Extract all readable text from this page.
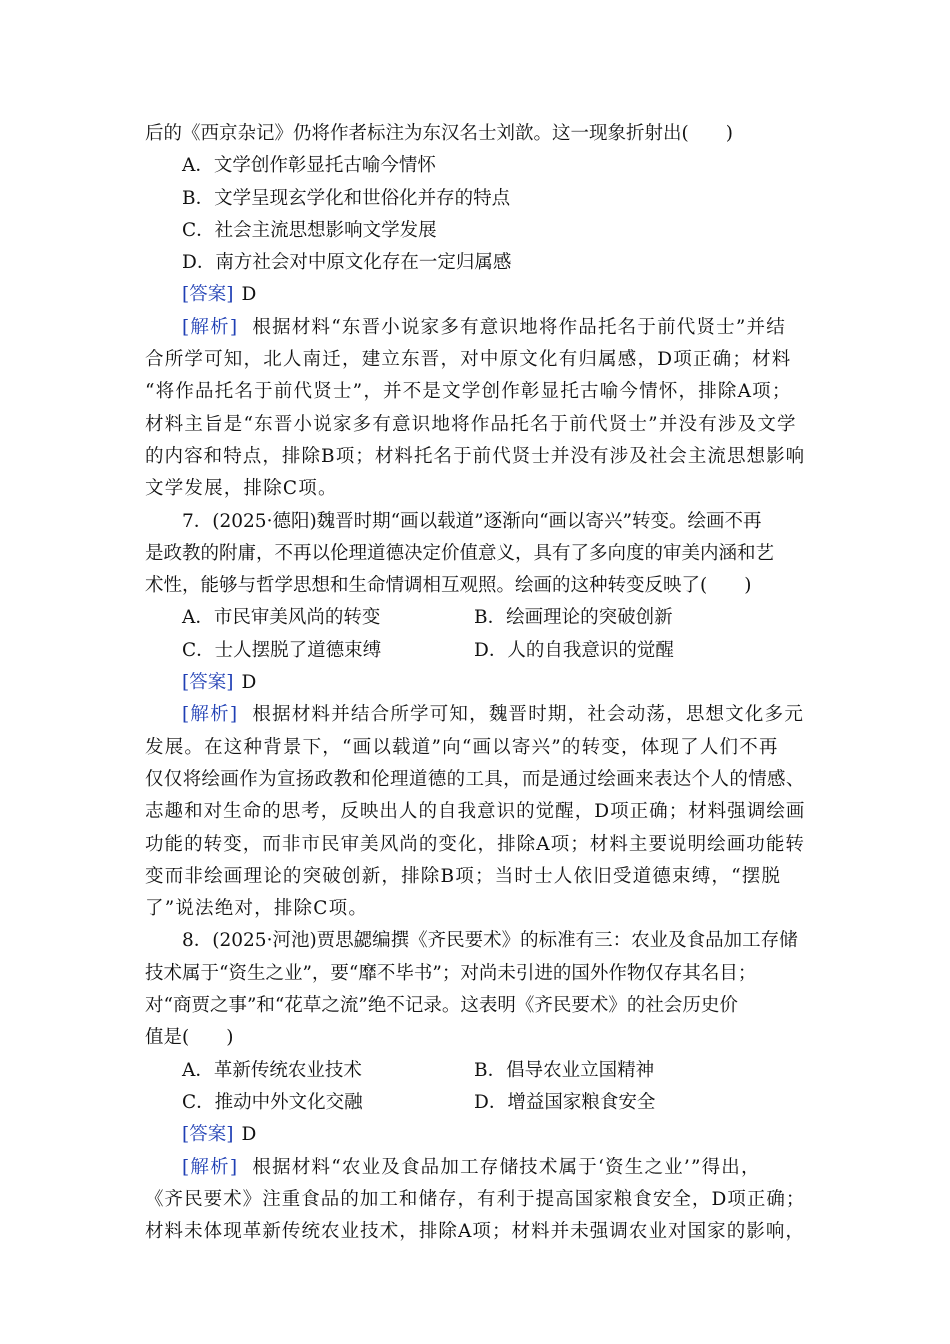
后的《西京杂记》仍将作者标注为东汉名士刘歆。这一现象折射出(　　)
A．文学创作彰显托古喻今情怀
B．文学呈现玄学化和世俗化并存的特点
C．社会主流思想影响文学发展
D．南方社会对中原文化存在一定归属感
[答案] D
[解析] 根据材料“东晋小说家多有意识地将作品托名于前代贤士”并结
合所学可知，北人南迁，建立东晋，对中原文化有归属感，D项正确；材料
“将作品托名于前代贤士”，并不是文学创作彰显托古喻今情怀，排除A项；
材料主旨是“东晋小说家多有意识地将作品托名于前代贤士”并没有涉及文学
的内容和特点，排除B项；材料托名于前代贤士并没有涉及社会主流思想影响
文学发展，排除C项。
7．(2025·德阳)魏晋时期“画以载道”逐渐向“画以寄兴”转变。绘画不再
是政教的附庸，不再以伦理道德决定价值意义，具有了多向度的审美内涵和艺
术性，能够与哲学思想和生命情调相互观照。绘画的这种转变反映了(　　)
A．市民审美风尚的转变	B．绘画理论的突破创新
C．士人摆脱了道德束缚	D．人的自我意识的觉醒
[答案] D
[解析] 根据材料并结合所学可知，魏晋时期，社会动荡，思想文化多元
发展。在这种背景下，“画以载道”向“画以寄兴”的转变，体现了人们不再
仅仅将绘画作为宣扬政教和伦理道德的工具，而是通过绘画来表达个人的情感、
志趣和对生命的思考，反映出人的自我意识的觉醒，D项正确；材料强调绘画
功能的转变，而非市民审美风尚的变化，排除A项；材料主要说明绘画功能转
变而非绘画理论的突破创新，排除B项；当时士人依旧受道德束缚，“摆脱
了”说法绝对，排除C项。
8．(2025·河池)贾思勰编撰《齐民要术》的标准有三：农业及食品加工存储
技术属于“资生之业”，要“靡不毕书”；对尚未引进的国外作物仅存其名目；
对“商贾之事”和“花草之流”绝不记录。这表明《齐民要术》的社会历史价
值是(　　)
A．革新传统农业技术	B．倡导农业立国精神
C．推动中外文化交融	D．增益国家粮食安全
[答案] D
[解析] 根据材料“农业及食品加工存储技术属于‘资生之业’”得出，
《齐民要术》注重食品的加工和储存，有利于提高国家粮食安全，D项正确；
材料未体现革新传统农业技术，排除A项；材料并未强调农业对国家的影响，
